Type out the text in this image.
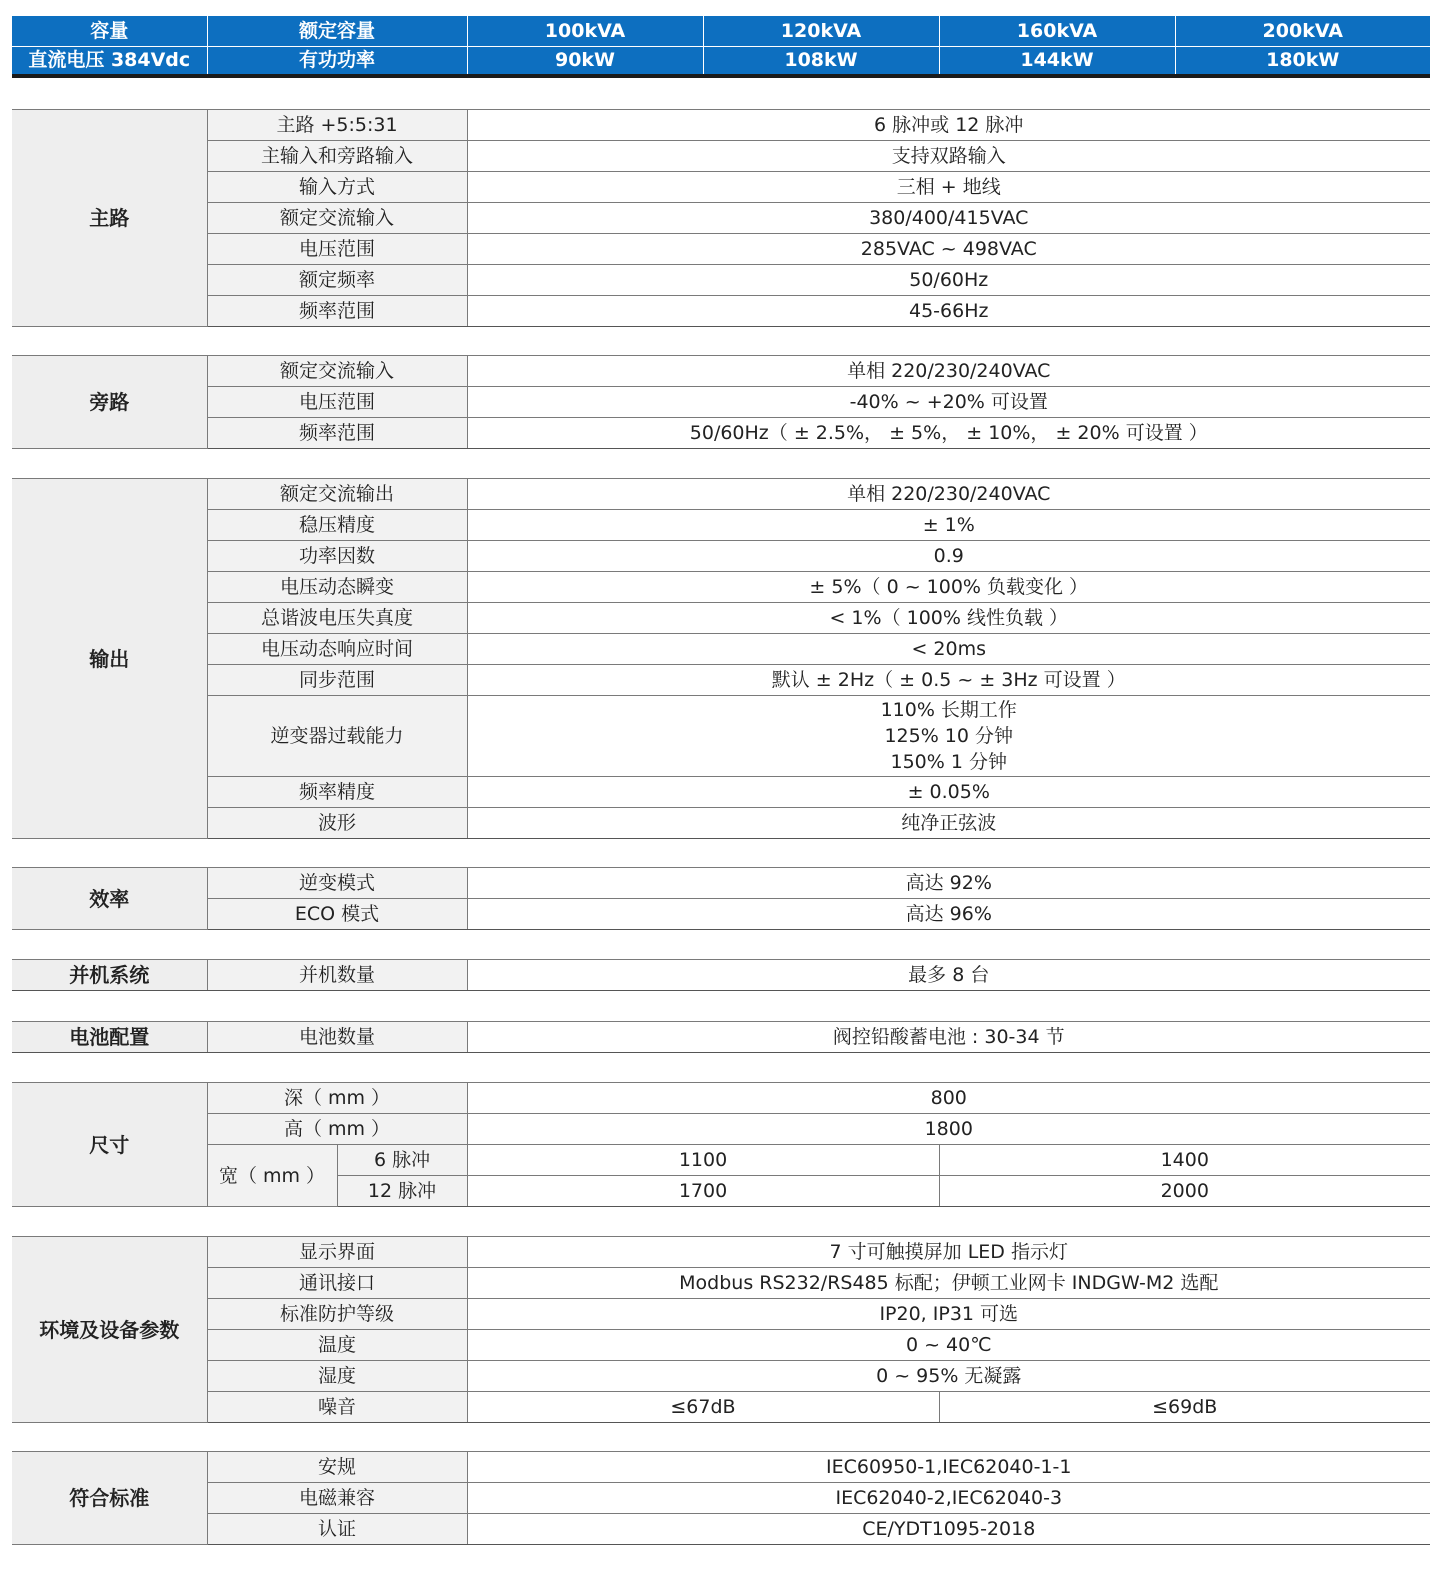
容量	额定容量	100kVA	120kVA	160kVA	200kVA
直流电压 384Vdc	有功功率	90kW	108kW	144kW	180kW
主路	主路 +5:5:31	6 脉冲或 12 脉冲
	主输入和旁路输入	支持双路输入
	输入方式	三相 + 地线
	额定交流输入	380/400/415VAC
	电压范围	285VAC ~ 498VAC
	额定频率	50/60Hz
	频率范围	45-66Hz
旁路	额定交流输入	单相 220/230/240VAC
	电压范围	-40% ~ +20% 可设置
	频率范围	50/60Hz（ ± 2.5%， ± 5%， ± 10%， ± 20% 可设置 ）
输出	额定交流输出	单相 220/230/240VAC
	稳压精度	± 1%
	功率因数	0.9
	电压动态瞬变	± 5%（ 0 ~ 100% 负载变化 ）
	总谐波电压失真度	< 1%（ 100% 线性负载 ）
	电压动态响应时间	< 20ms
	同步范围	默认 ± 2Hz（ ± 0.5 ~ ± 3Hz 可设置 ）
	逆变器过载能力	110% 长期工作
125% 10 分钟
150% 1 分钟

	频率精度	± 0.05%
	波形	纯净正弦波
效率	逆变模式	高达 92%
	ECO 模式	高达 96%
并机系统	并机数量	最多 8 台
电池配置	电池数量	阀控铅酸蓄电池 : 30-34 节
尺寸	深（ mm ）		800	
	高（ mm ）		1800	
	宽（ mm ）	6 脉冲	1100	1400
		12 脉冲	1700	2000
环境及设备参数	显示界面	7 寸可触摸屏加 LED 指示灯	
	通讯接口	Modbus RS232/RS485 标配；伊顿工业网卡 INDGW-M2 选配	
	标准防护等级	IP20, IP31 可选	
	温度	0 ~ 40℃	
	湿度	0 ~ 95% 无凝露	
	噪音	≤67dB	≤69dB
符合标准	安规	IEC60950-1,IEC62040-1-1
	电磁兼容	IEC62040-2,IEC62040-3
	认证	CE/YDT1095-2018
